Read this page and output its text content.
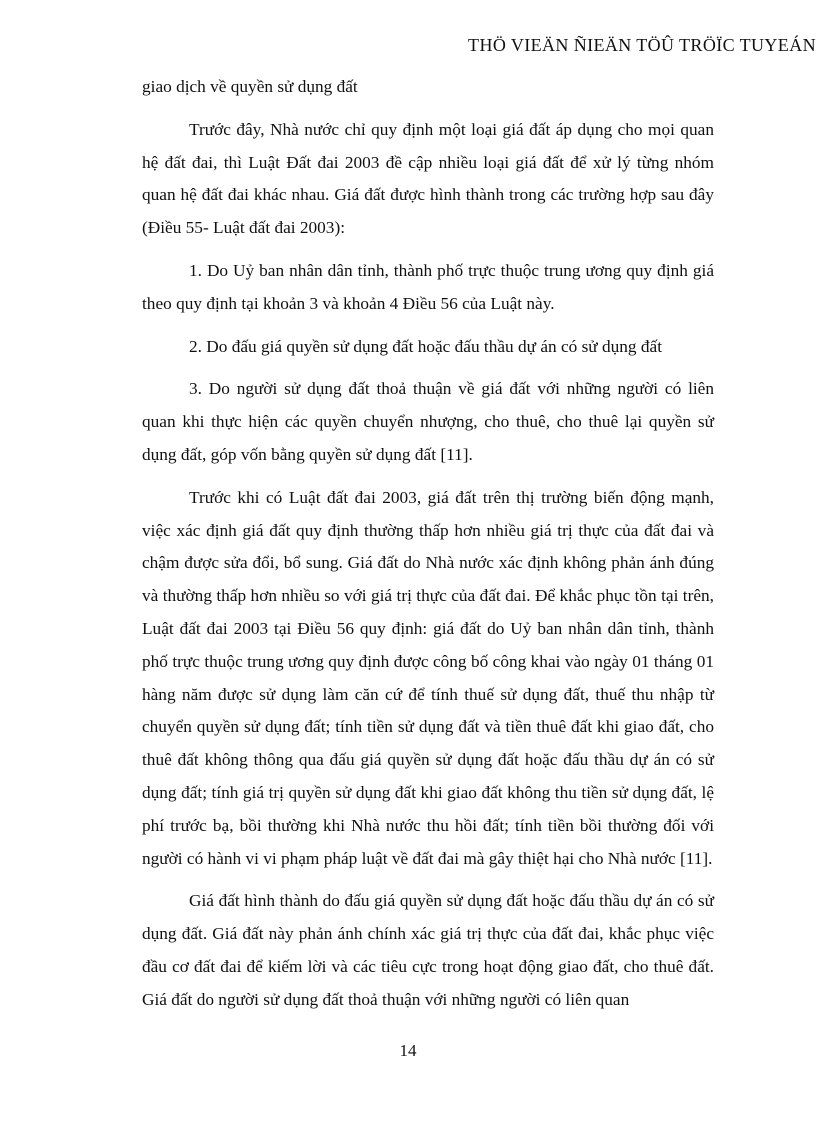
THÖ VIEÄN ÑIEÄN TÖÛ TRÖÏC TUYEÁN

giao dịch về quyền sử dụng đất

Trước đây, Nhà nước chỉ quy định một loại giá đất áp dụng cho mọi quan hệ đất đai, thì Luật Đất đai 2003 đề cập nhiều loại giá đất để xử lý từng nhóm quan hệ đất đai khác nhau. Giá đất được hình thành trong các trường hợp sau đây (Điều 55- Luật đất đai 2003):

1. Do Uỷ ban nhân dân tỉnh, thành phố trực thuộc trung ương quy định giá theo quy định tại khoản 3 và khoản 4 Điều 56 của Luật này.

2. Do đấu giá quyền sử dụng đất hoặc đấu thầu dự án có sử dụng đất

3. Do người sử dụng đất thoả thuận về giá đất với những người có liên quan khi thực hiện các quyền chuyển nhượng, cho thuê, cho thuê lại quyền sử dụng đất, góp vốn bằng quyền sử dụng đất [11].

Trước khi có Luật đất đai 2003, giá đất trên thị trường biến động mạnh, việc xác định giá đất quy định thường thấp hơn nhiều giá trị thực của đất đai và chậm được sửa đổi, bổ sung. Giá đất do Nhà nước xác định không phản ánh đúng và thường thấp hơn nhiều so với giá trị thực của đất đai. Để khắc phục tồn tại trên, Luật đất đai 2003 tại Điều 56 quy định: giá đất do Uỷ ban nhân dân tỉnh, thành phố trực thuộc trung ương quy định được công bố công khai vào ngày 01 tháng 01 hàng năm được sử dụng làm căn cứ để tính thuế sử dụng đất, thuế thu nhập từ chuyển quyền sử dụng đất; tính tiền sử dụng đất và tiền thuê đất khi giao đất, cho thuê đất không thông qua đấu giá quyền sử dụng đất hoặc đấu thầu dự án có sử dụng đất; tính giá trị quyền sử dụng đất khi giao đất không thu tiền sử dụng đất, lệ phí trước bạ, bồi thường khi Nhà nước thu hồi đất; tính tiền bồi thường đối với người có hành vi vi phạm pháp luật về đất đai mà gây thiệt hại cho Nhà nước [11].

Giá đất hình thành do đấu giá quyền sử dụng đất hoặc đấu thầu dự án có sử dụng đất. Giá đất này phản ánh chính xác giá trị thực của đất đai, khắc phục việc đầu cơ đất đai để kiếm lời và các tiêu cực trong hoạt động giao đất, cho thuê đất. Giá đất do người sử dụng đất thoả thuận với những người có liên quan

14
